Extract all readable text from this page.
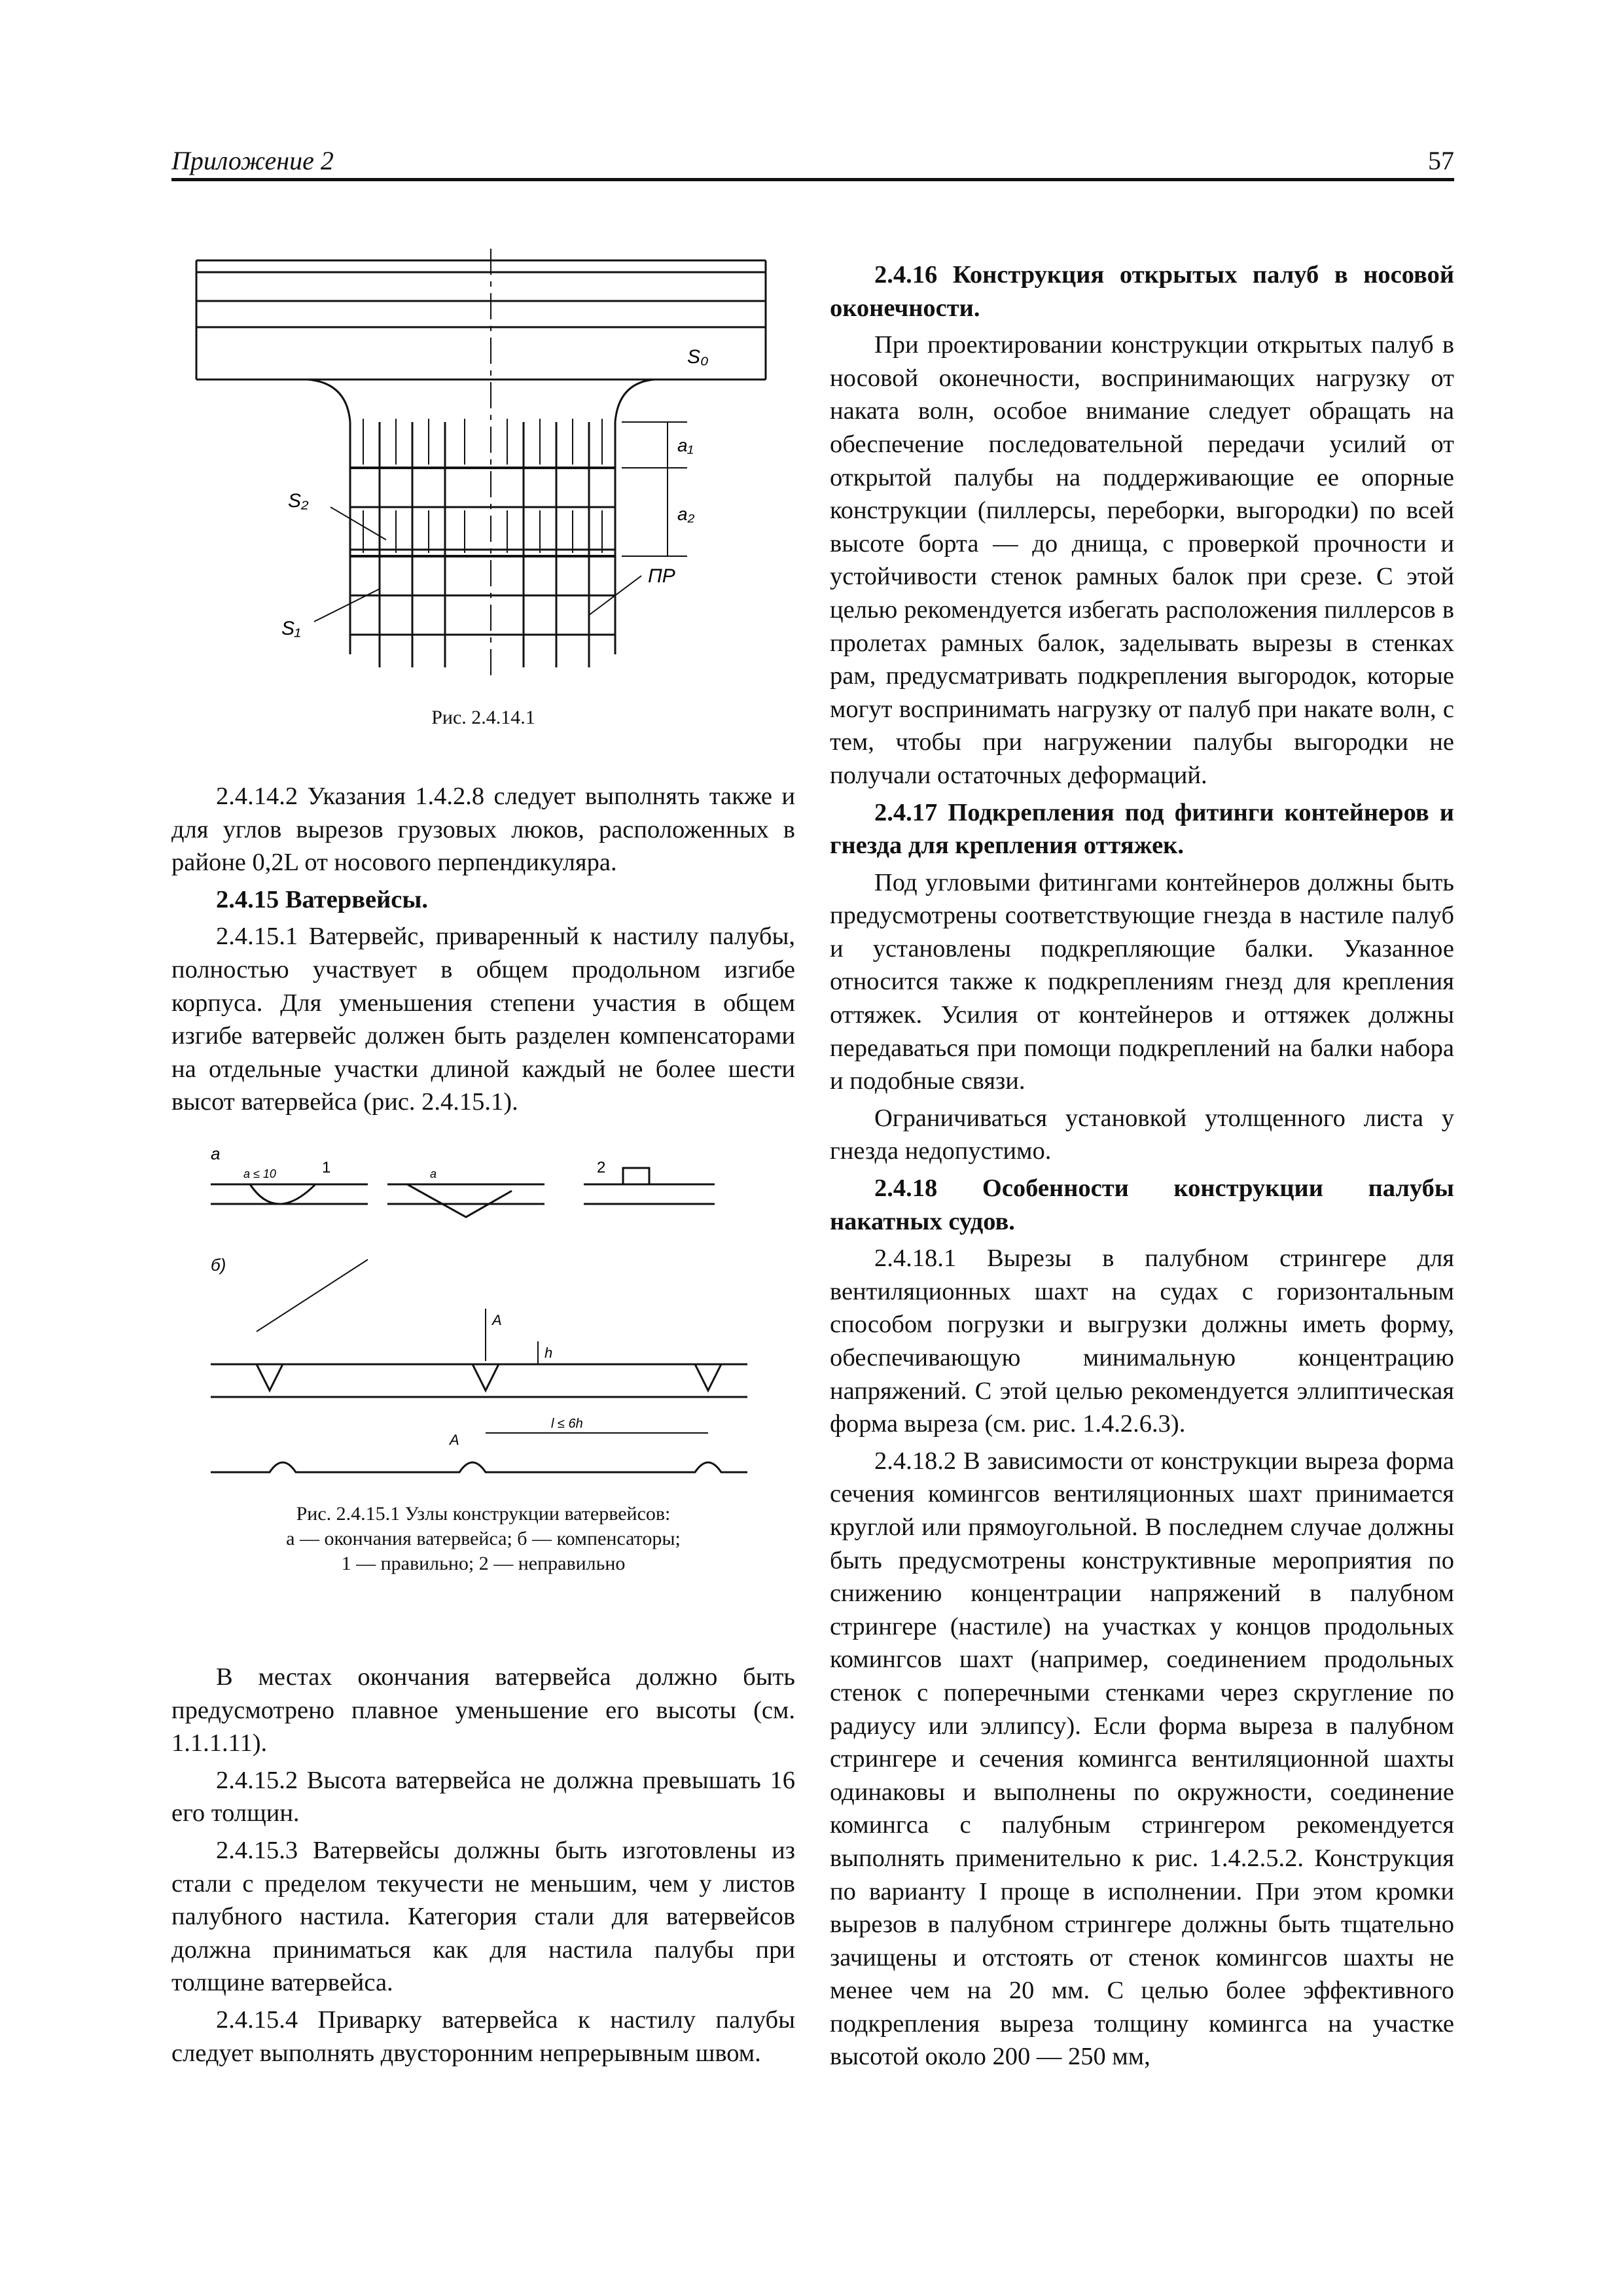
Приложение 2	57
S₀
a₁
a₂
S₂
S₁
ПР
Рис. 2.4.14.1

2.4.14.2 Указания 1.4.2.8 следует выполнять также и для углов вырезов грузовых люков, расположенных в районе 0,2L от носового перпендикуляра.

2.4.15 Ватервейсы.

2.4.15.1 Ватервейс, приваренный к настилу палубы, полностью участвует в общем продольном изгибе корпуса. Для уменьшения степени участия в общем изгибе ватервейс должен быть разделен компенсаторами на отдельные участки длиной каждый не более шести высот ватервейса (рис. 2.4.15.1).

a
б)
1	2
a ≤ 10	a
A
h
l ≤ 6h
A
Рис. 2.4.15.1 Узлы конструкции ватервейсов:
а — окончания ватервейса; б — компенсаторы;
1 — правильно; 2 — неправильно

В местах окончания ватервейса должно быть предусмотрено плавное уменьшение его высоты (см. 1.1.1.11).

2.4.15.2 Высота ватервейса не должна превышать 16 его толщин.

2.4.15.3 Ватервейсы должны быть изготовлены из стали с пределом текучести не меньшим, чем у листов палубного настила. Категория стали для ватервейсов должна приниматься как для настила палубы при толщине ватервейса.

2.4.15.4 Приварку ватервейса к настилу палубы следует выполнять двусторонним непрерывным швом.

2.4.16 Конструкция открытых палуб в носовой оконечности.

При проектировании конструкции открытых палуб в носовой оконечности, воспринимающих нагрузку от наката волн, особое внимание следует обращать на обеспечение последовательной передачи усилий от открытой палубы на поддерживающие ее опорные конструкции (пиллерсы, переборки, выгородки) по всей высоте борта — до днища, с проверкой прочности и устойчивости стенок рамных балок при срезе. С этой целью рекомендуется избегать расположения пиллерсов в пролетах рамных балок, заделывать вырезы в стенках рам, предусматривать подкрепления выгородок, которые могут воспринимать нагрузку от палуб при накате волн, с тем, чтобы при нагружении палубы выгородки не получали остаточных деформаций.

2.4.17 Подкрепления под фитинги контейнеров и гнезда для крепления оттяжек.

Под угловыми фитингами контейнеров должны быть предусмотрены соответствующие гнезда в настиле палуб и установлены подкрепляющие балки. Указанное относится также к подкреплениям гнезд для крепления оттяжек. Усилия от контейнеров и оттяжек должны передаваться при помощи подкреплений на балки набора и подобные связи.

Ограничиваться установкой утолщенного листа у гнезда недопустимо.

2.4.18 Особенности конструкции палубы накатных судов.

2.4.18.1 Вырезы в палубном стрингере для вентиляционных шахт на судах с горизонтальным способом погрузки и выгрузки должны иметь форму, обеспечивающую минимальную концентрацию напряжений. С этой целью рекомендуется эллиптическая форма выреза (см. рис. 1.4.2.6.3).

2.4.18.2 В зависимости от конструкции выреза форма сечения комингсов вентиляционных шахт принимается круглой или прямоугольной. В последнем случае должны быть предусмотрены конструктивные мероприятия по снижению концентрации напряжений в палубном стрингере (настиле) на участках у концов продольных комингсов шахт (например, соединением продольных стенок с поперечными стенками через скругление по радиусу или эллипсу). Если форма выреза в палубном стрингере и сечения комингса вентиляционной шахты одинаковы и выполнены по окружности, соединение комингса с палубным стрингером рекомендуется выполнять применительно к рис. 1.4.2.5.2. Конструкция по варианту I проще в исполнении. При этом кромки вырезов в палубном стрингере должны быть тщательно зачищены и отстоять от стенок комингсов шахты не менее чем на 20 мм. С целью более эффективного подкрепления выреза толщину комингса на участке высотой около 200 — 250 мм,
